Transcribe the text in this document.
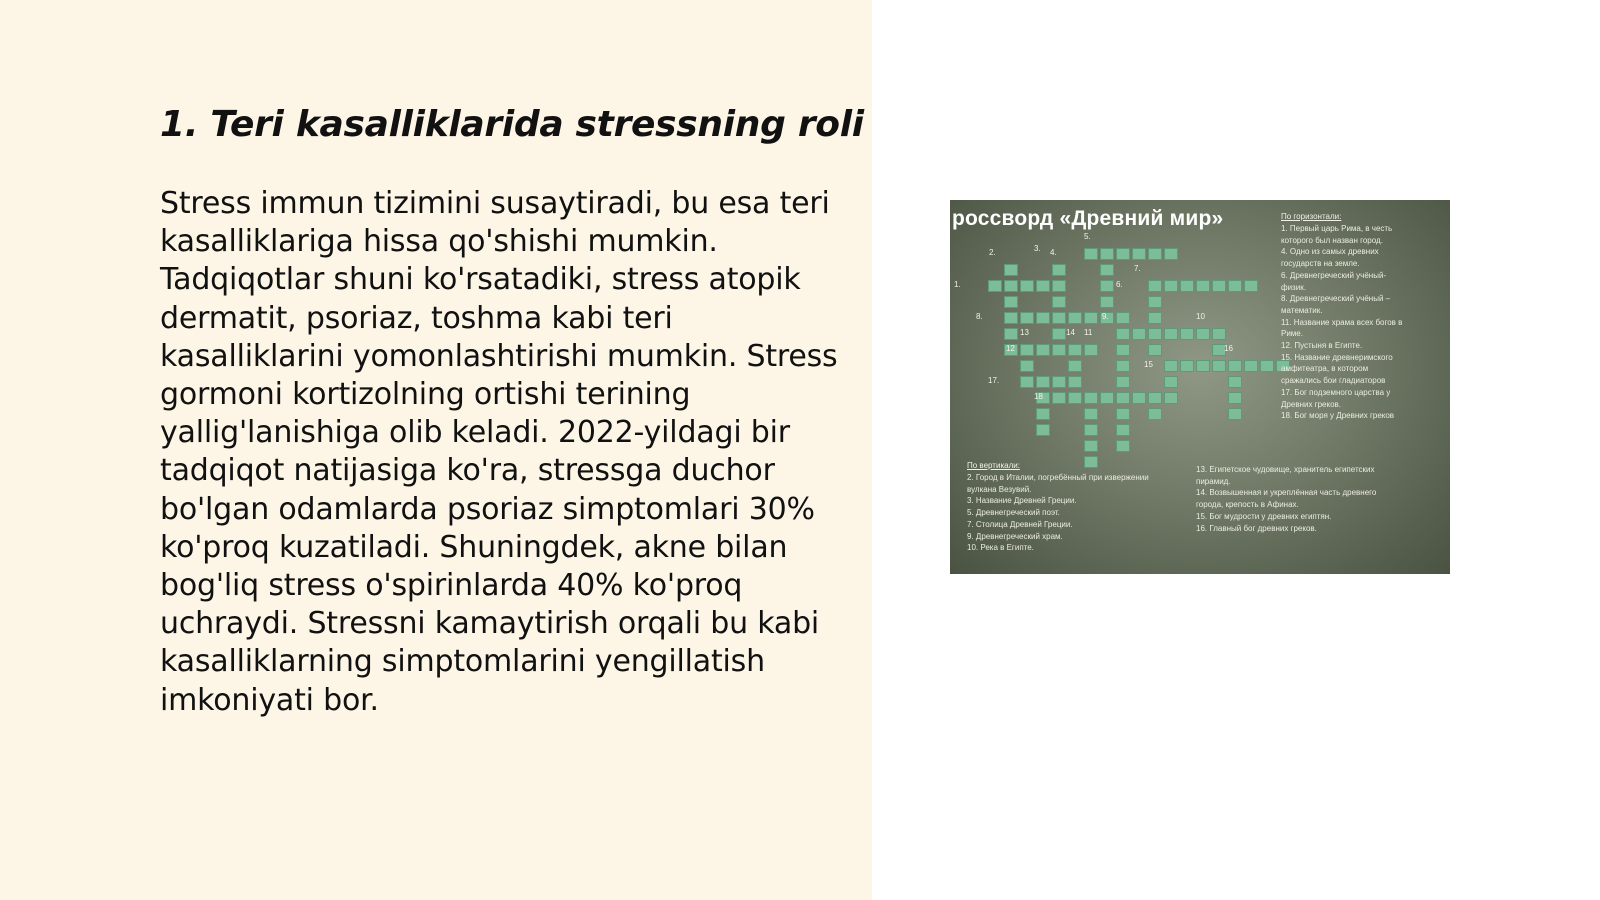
1. Teri kasalliklarida stressning roli

Stress immun tizimini susaytiradi, bu esa teri kasalliklariga hissa qo'shishi mumkin. Tadqiqotlar shuni ko'rsatadiki, stress atopik dermatit, psoriaz, toshma kabi teri kasalliklarini yomonlashtirishi mumkin. Stress gormoni kortizolning ortishi terining yallig'lanishiga olib keladi. 2022-yildagi bir tadqiqot natijasiga ko'ra, stressga duchor bo'lgan odamlarda psoriaz simptomlari 30% ko'proq kuzatiladi. Shuningdek, akne bilan bog'liq stress o'spirinlarda 40% ko'proq uchraydi. Stressni kamaytirish orqali bu kabi kasalliklarning simptomlarini yengillatish imkoniyati bor.

россворд «Древний мир»
1.
2.	3. 4.
5.
6.
7.
8.	9.	10
11
12
13	14
15
16
17.
18
По горизонтали:
1. Первый царь Рима, в честь
которого был назван город.
4. Одно из самых древних
государств на земле.
6. Древнегреческий учёный-
физик.
8. Древнегреческий учёный –
математик.
11. Название храма всех богов в
Риме.
12. Пустыня в Египте.
15. Название древнеримского
амфитеатра, в котором
сражались бои гладиаторов
17. Бог подземного царства у
Древних греков.
18. Бог моря у Древних греков
По вертикали:
2. Город в Италии, погребённый при извержении
вулкана Везувий.
3. Название Древней Греции.
5. Древнегреческий поэт.
7. Столица Древней Греции.
9. Древнегреческий храм.
10. Река в Египте.
13. Египетское чудовище, хранитель египетских
пирамид.
14. Возвышенная и укреплённая часть древнего
города, крепость в Афинах.
15. Бог мудрости у древних египтян.
16. Главный бог древних греков.
